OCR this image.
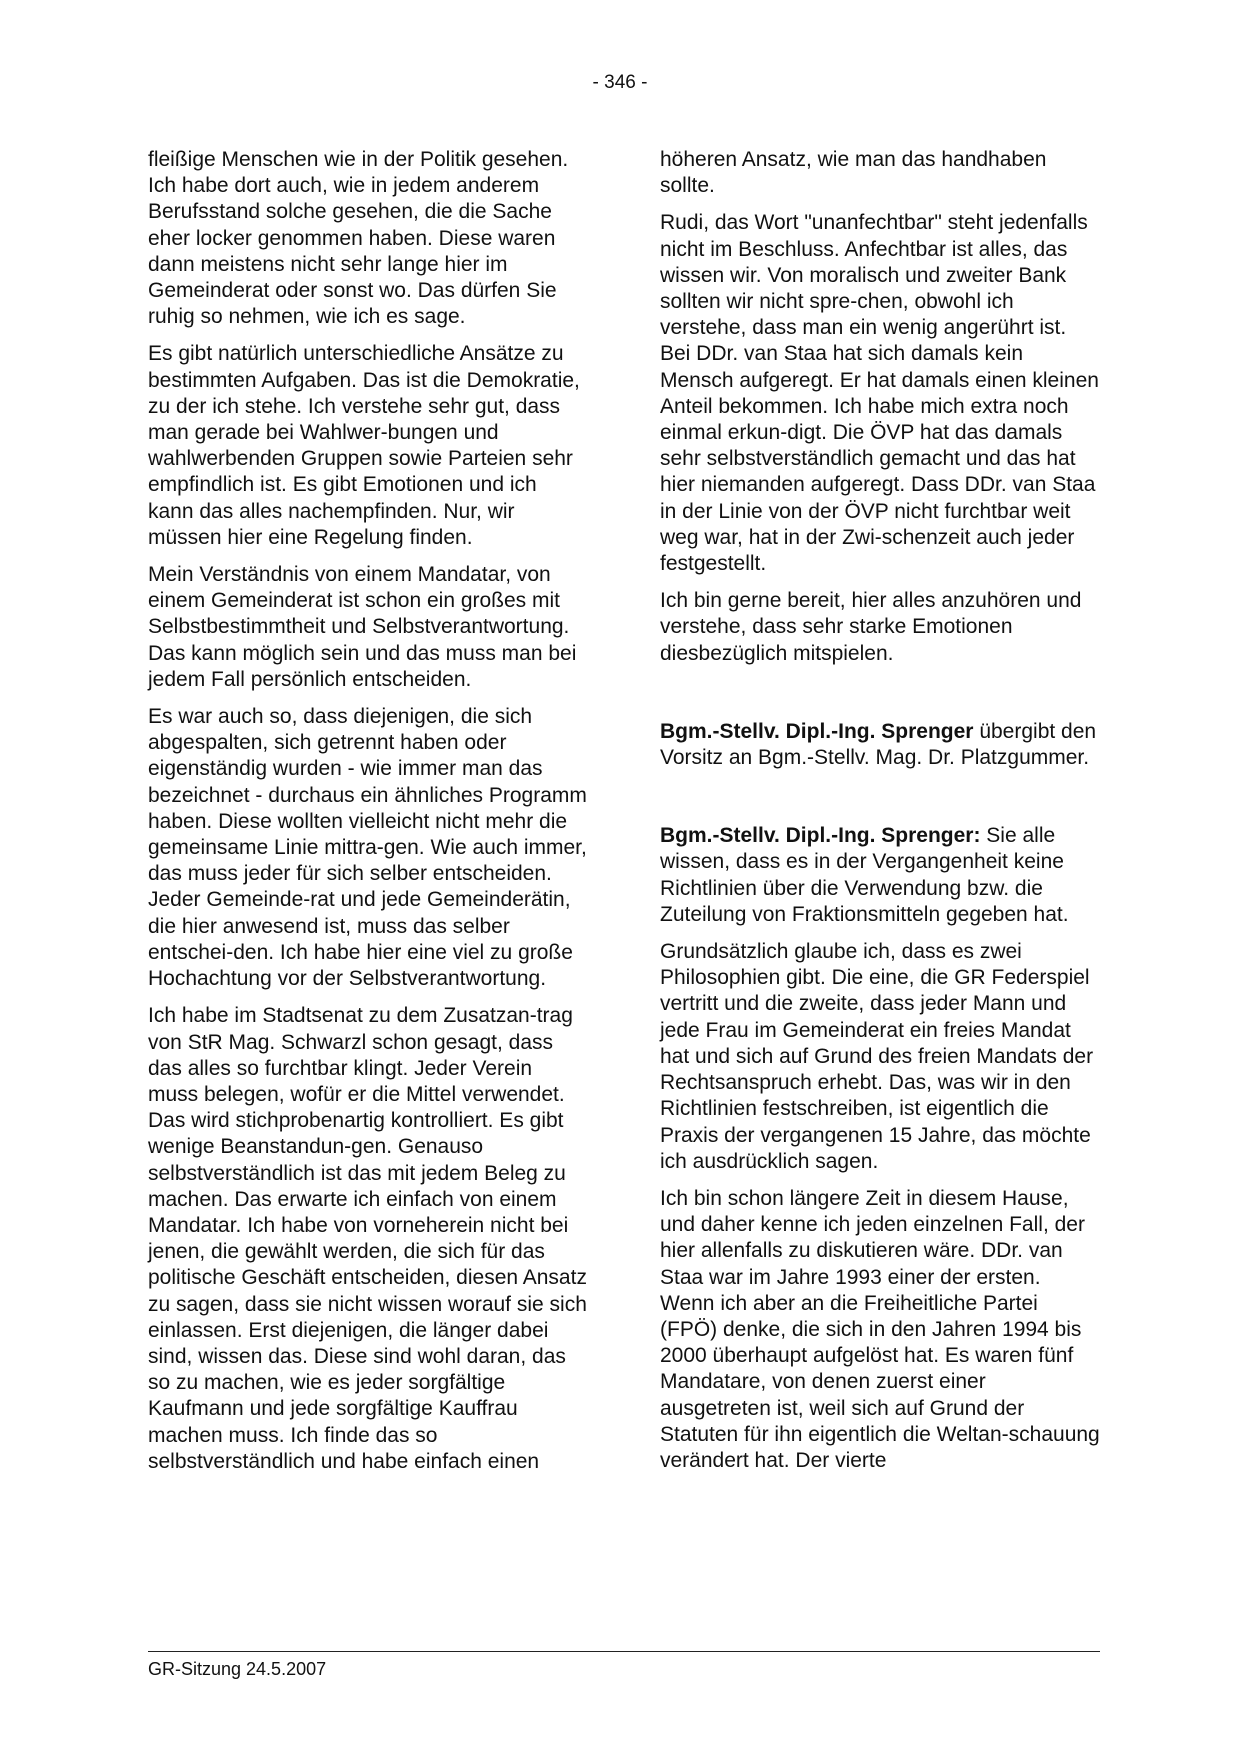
- 346 -

fleißige Menschen wie in der Politik gesehen. Ich habe dort auch, wie in jedem anderem Berufsstand solche gesehen, die die Sache eher locker genommen haben. Diese waren dann meistens nicht sehr lange hier im Gemeinderat oder sonst wo. Das dürfen Sie ruhig so nehmen, wie ich es sage.

Es gibt natürlich unterschiedliche Ansätze zu bestimmten Aufgaben. Das ist die Demokratie, zu der ich stehe. Ich verstehe sehr gut, dass man gerade bei Wahlwer-bungen und wahlwerbenden Gruppen sowie Parteien sehr empfindlich ist. Es gibt Emotionen und ich kann das alles nachempfinden. Nur, wir müssen hier eine Regelung finden.

Mein Verständnis von einem Mandatar, von einem Gemeinderat ist schon ein großes mit Selbstbestimmtheit und Selbstverantwortung. Das kann möglich sein und das muss man bei jedem Fall persönlich entscheiden.

Es war auch so, dass diejenigen, die sich abgespalten, sich getrennt haben oder eigenständig wurden - wie immer man das bezeichnet - durchaus ein ähnliches Programm haben. Diese wollten vielleicht nicht mehr die gemeinsame Linie mittra-gen. Wie auch immer, das muss jeder für sich selber entscheiden. Jeder Gemeinde-rat und jede Gemeinderätin, die hier anwesend ist, muss das selber entschei-den. Ich habe hier eine viel zu große Hochachtung vor der Selbstverantwortung.

Ich habe im Stadtsenat zu dem Zusatzan-trag von StR Mag. Schwarzl schon gesagt, dass das alles so furchtbar klingt. Jeder Verein muss belegen, wofür er die Mittel verwendet. Das wird stichprobenartig kontrolliert. Es gibt wenige Beanstandun-gen. Genauso selbstverständlich ist das mit jedem Beleg zu machen. Das erwarte ich einfach von einem Mandatar. Ich habe von vorneherein nicht bei jenen, die gewählt werden, die sich für das politische Geschäft entscheiden, diesen Ansatz zu sagen, dass sie nicht wissen worauf sie sich einlassen. Erst diejenigen, die länger dabei sind, wissen das. Diese sind wohl daran, das so zu machen, wie es jeder sorgfältige Kaufmann und jede sorgfältige Kauffrau machen muss. Ich finde das so selbstverständlich und habe einfach einen

höheren Ansatz, wie man das handhaben sollte.

Rudi, das Wort "unanfechtbar" steht jedenfalls nicht im Beschluss. Anfechtbar ist alles, das wissen wir. Von moralisch und zweiter Bank sollten wir nicht spre-chen, obwohl ich verstehe, dass man ein wenig angerührt ist. Bei DDr. van Staa hat sich damals kein Mensch aufgeregt. Er hat damals einen kleinen Anteil bekommen. Ich habe mich extra noch einmal erkun-digt. Die ÖVP hat das damals sehr selbstverständlich gemacht und das hat hier niemanden aufgeregt. Dass DDr. van Staa in der Linie von der ÖVP nicht furchtbar weit weg war, hat in der Zwi-schenzeit auch jeder festgestellt.

Ich bin gerne bereit, hier alles anzuhören und verstehe, dass sehr starke Emotionen diesbezüglich mitspielen.

Bgm.-Stellv. Dipl.-Ing. Sprenger übergibt den Vorsitz an Bgm.-Stellv. Mag. Dr. Platzgummer.

Bgm.-Stellv. Dipl.-Ing. Sprenger: Sie alle wissen, dass es in der Vergangenheit keine Richtlinien über die Verwendung bzw. die Zuteilung von Fraktionsmitteln gegeben hat.

Grundsätzlich glaube ich, dass es zwei Philosophien gibt. Die eine, die GR Federspiel vertritt und die zweite, dass jeder Mann und jede Frau im Gemeinderat ein freies Mandat hat und sich auf Grund des freien Mandats der Rechtsanspruch erhebt. Das, was wir in den Richtlinien festschreiben, ist eigentlich die Praxis der vergangenen 15 Jahre, das möchte ich ausdrücklich sagen.

Ich bin schon längere Zeit in diesem Hause, und daher kenne ich jeden einzelnen Fall, der hier allenfalls zu diskutieren wäre. DDr. van Staa war im Jahre 1993 einer der ersten. Wenn ich aber an die Freiheitliche Partei (FPÖ) denke, die sich in den Jahren 1994 bis 2000 überhaupt aufgelöst hat. Es waren fünf Mandatare, von denen zuerst einer ausgetreten ist, weil sich auf Grund der Statuten für ihn eigentlich die Weltan-schauung verändert hat. Der vierte

GR-Sitzung 24.5.2007
